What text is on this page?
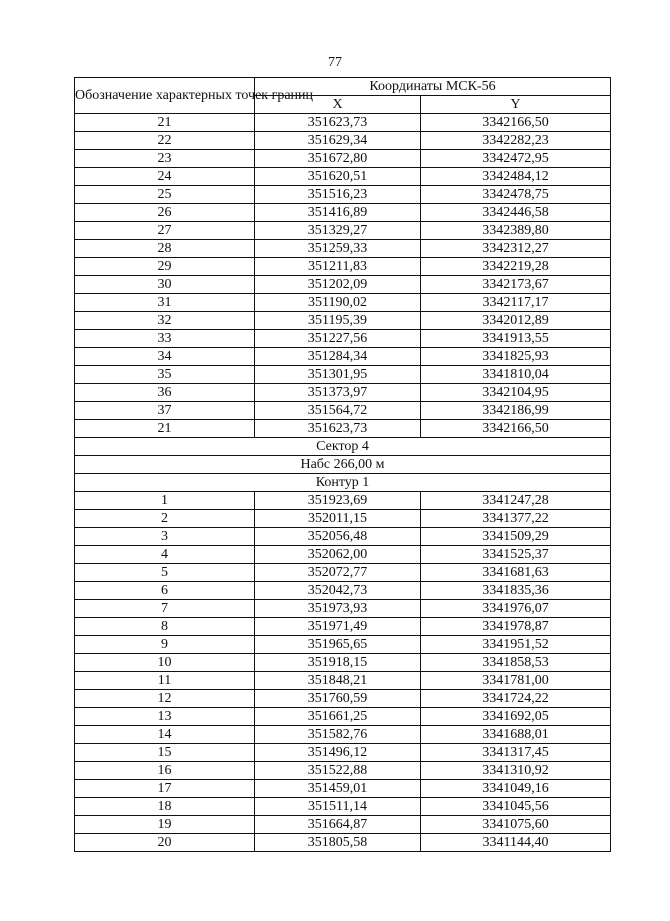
77
Обозначение характерных точек границ	Координаты МСК-56	
	X	Y
21	351623,73	3342166,50
22	351629,34	3342282,23
23	351672,80	3342472,95
24	351620,51	3342484,12
25	351516,23	3342478,75
26	351416,89	3342446,58
27	351329,27	3342389,80
28	351259,33	3342312,27
29	351211,83	3342219,28
30	351202,09	3342173,67
31	351190,02	3342117,17
32	351195,39	3342012,89
33	351227,56	3341913,55
34	351284,34	3341825,93
35	351301,95	3341810,04
36	351373,97	3342104,95
37	351564,72	3342186,99
21	351623,73	3342166,50
Сектор 4		
Набс 266,00 м		
Контур 1		
1	351923,69	3341247,28
2	352011,15	3341377,22
3	352056,48	3341509,29
4	352062,00	3341525,37
5	352072,77	3341681,63
6	352042,73	3341835,36
7	351973,93	3341976,07
8	351971,49	3341978,87
9	351965,65	3341951,52
10	351918,15	3341858,53
11	351848,21	3341781,00
12	351760,59	3341724,22
13	351661,25	3341692,05
14	351582,76	3341688,01
15	351496,12	3341317,45
16	351522,88	3341310,92
17	351459,01	3341049,16
18	351511,14	3341045,56
19	351664,87	3341075,60
20	351805,58	3341144,40
